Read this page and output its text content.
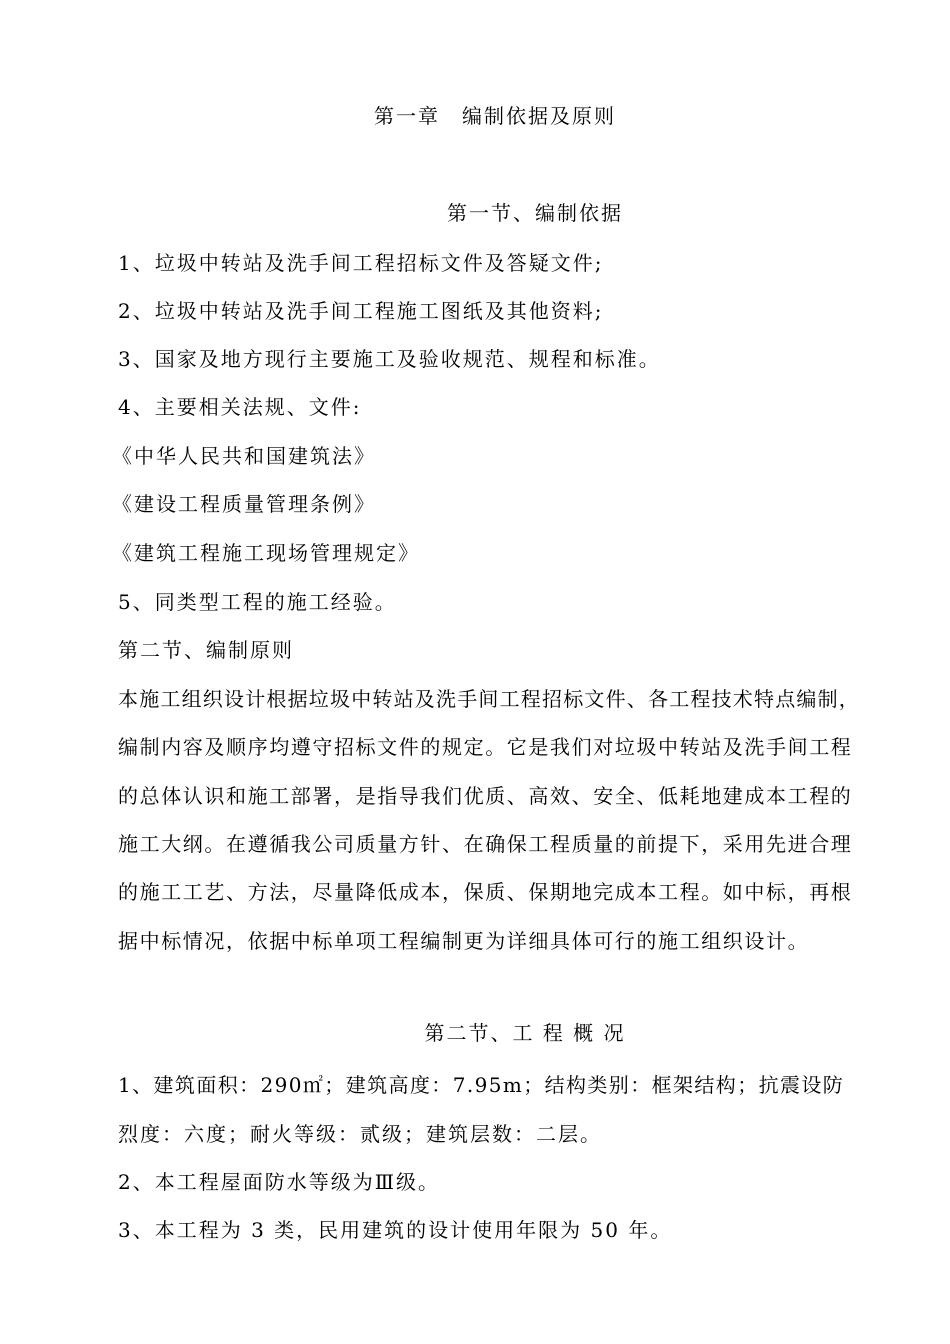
第一章　编制依据及原则
第一节、编制依据
1、垃圾中转站及洗手间工程招标文件及答疑文件;
2、垃圾中转站及洗手间工程施工图纸及其他资料;
3、国家及地方现行主要施工及验收规范、规程和标准。
4、主要相关法规、文件:
《中华人民共和国建筑法》
《建设工程质量管理条例》
《建筑工程施工现场管理规定》
5、同类型工程的施工经验。
第二节、编制原则
本施工组织设计根据垃圾中转站及洗手间工程招标文件、各工程技术特点编制，
编制内容及顺序均遵守招标文件的规定。它是我们对垃圾中转站及洗手间工程
的总体认识和施工部署，是指导我们优质、高效、安全、低耗地建成本工程的
施工大纲。在遵循我公司质量方针、在确保工程质量的前提下，采用先进合理
的施工工艺、方法，尽量降低成本，保质、保期地完成本工程。如中标，再根
据中标情况，依据中标单项工程编制更为详细具体可行的施工组织设计。
第二节、工 程 概 况
1、建筑面积：290㎡；建筑高度：7.95m；结构类别：框架结构；抗震设防
烈度：六度；耐火等级：贰级；建筑层数：二层。
2、本工程屋面防水等级为Ⅲ级。
3、本工程为 3 类，民用建筑的设计使用年限为 50 年。
